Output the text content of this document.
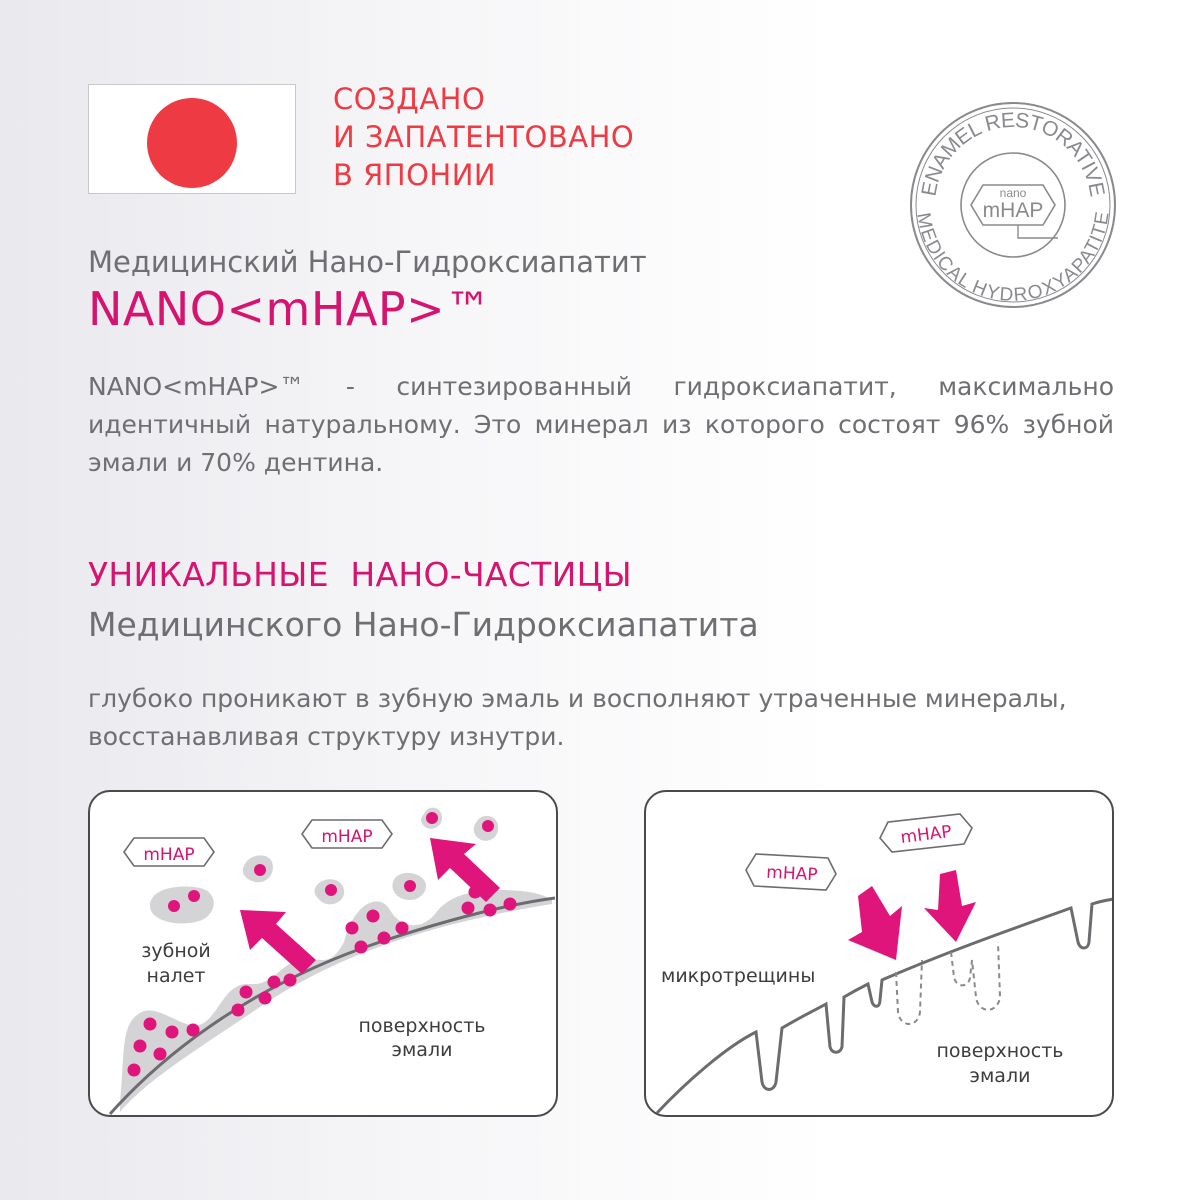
СОЗДАНО
И ЗАПАТЕНТОВАНО
В ЯПОНИИ	ENAMEL RESTORATIVE
MEDICAL HYDROXYAPATITE
nano
mHAP
Медицинский Нано-Гидроксиапатит
NANO<mHAP>™
NANO<mHAP>™ - синтезированный гидроксиапатит, максимально идентичный натуральному. Это минерал из которого состоят 96% зубной эмали и 70% дентина.
УНИКАЛЬНЫЕ  НАНО-ЧАСТИЦЫ
Медицинского Нано-Гидроксиапатита
глубоко проникают в зубную эмаль и восполняют утраченные минералы, восстанавливая структуру изнутри.
mHAP
mHAP
зубной
налет
поверхность
эмали
mHAP
mHAP
микротрещины
поверхность
эмали
